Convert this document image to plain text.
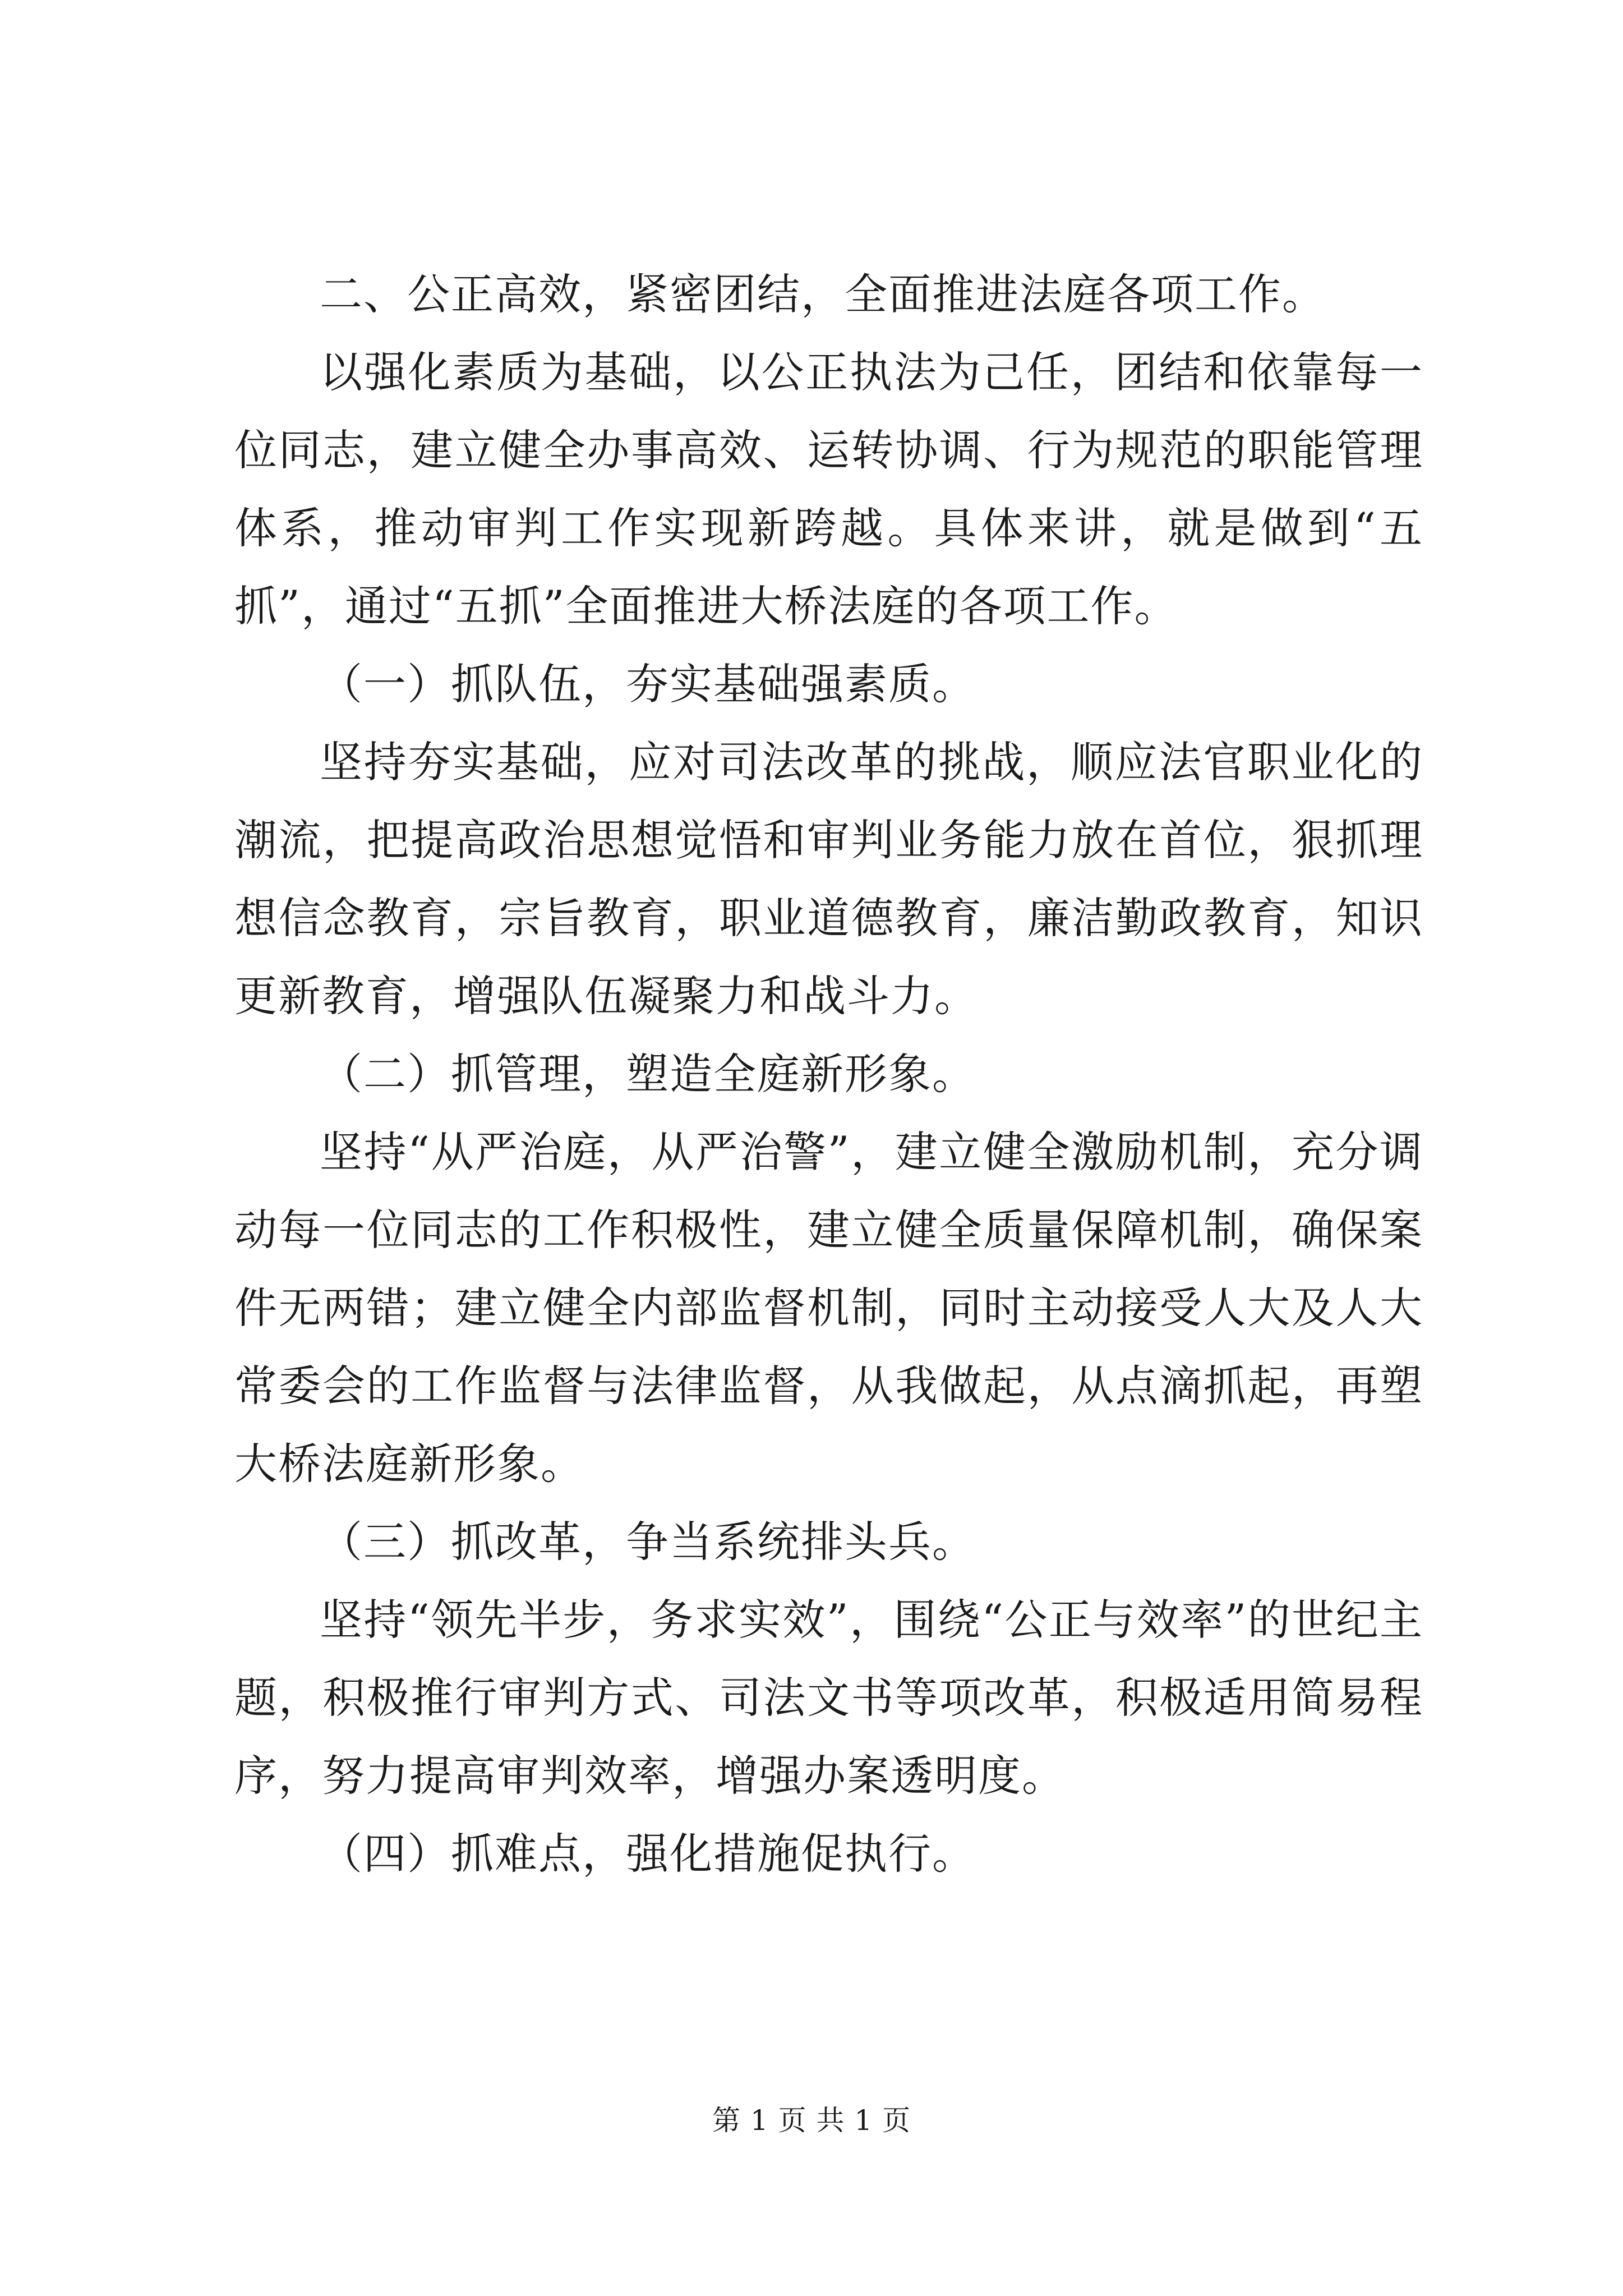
二、公正高效，紧密团结，全面推进法庭各项工作。

以强化素质为基础，以公正执法为己任，团结和依靠每一位同志，建立健全办事高效、运转协调、行为规范的职能管理体系，推动审判工作实现新跨越。具体来讲，就是做到“五抓”，通过“五抓”全面推进大桥法庭的各项工作。

（一）抓队伍，夯实基础强素质。

坚持夯实基础，应对司法改革的挑战，顺应法官职业化的潮流，把提高政治思想觉悟和审判业务能力放在首位，狠抓理想信念教育，宗旨教育，职业道德教育，廉洁勤政教育，知识更新教育，增强队伍凝聚力和战斗力。

（二）抓管理，塑造全庭新形象。

坚持“从严治庭，从严治警”，建立健全激励机制，充分调动每一位同志的工作积极性，建立健全质量保障机制，确保案件无两错；建立健全内部监督机制，同时主动接受人大及人大常委会的工作监督与法律监督，从我做起，从点滴抓起，再塑大桥法庭新形象。

（三）抓改革，争当系统排头兵。

坚持“领先半步，务求实效”，围绕“公正与效率”的世纪主题，积极推行审判方式、司法文书等项改革，积极适用简易程序，努力提高审判效率，增强办案透明度。

（四）抓难点，强化措施促执行。

第 1 页 共 1 页
